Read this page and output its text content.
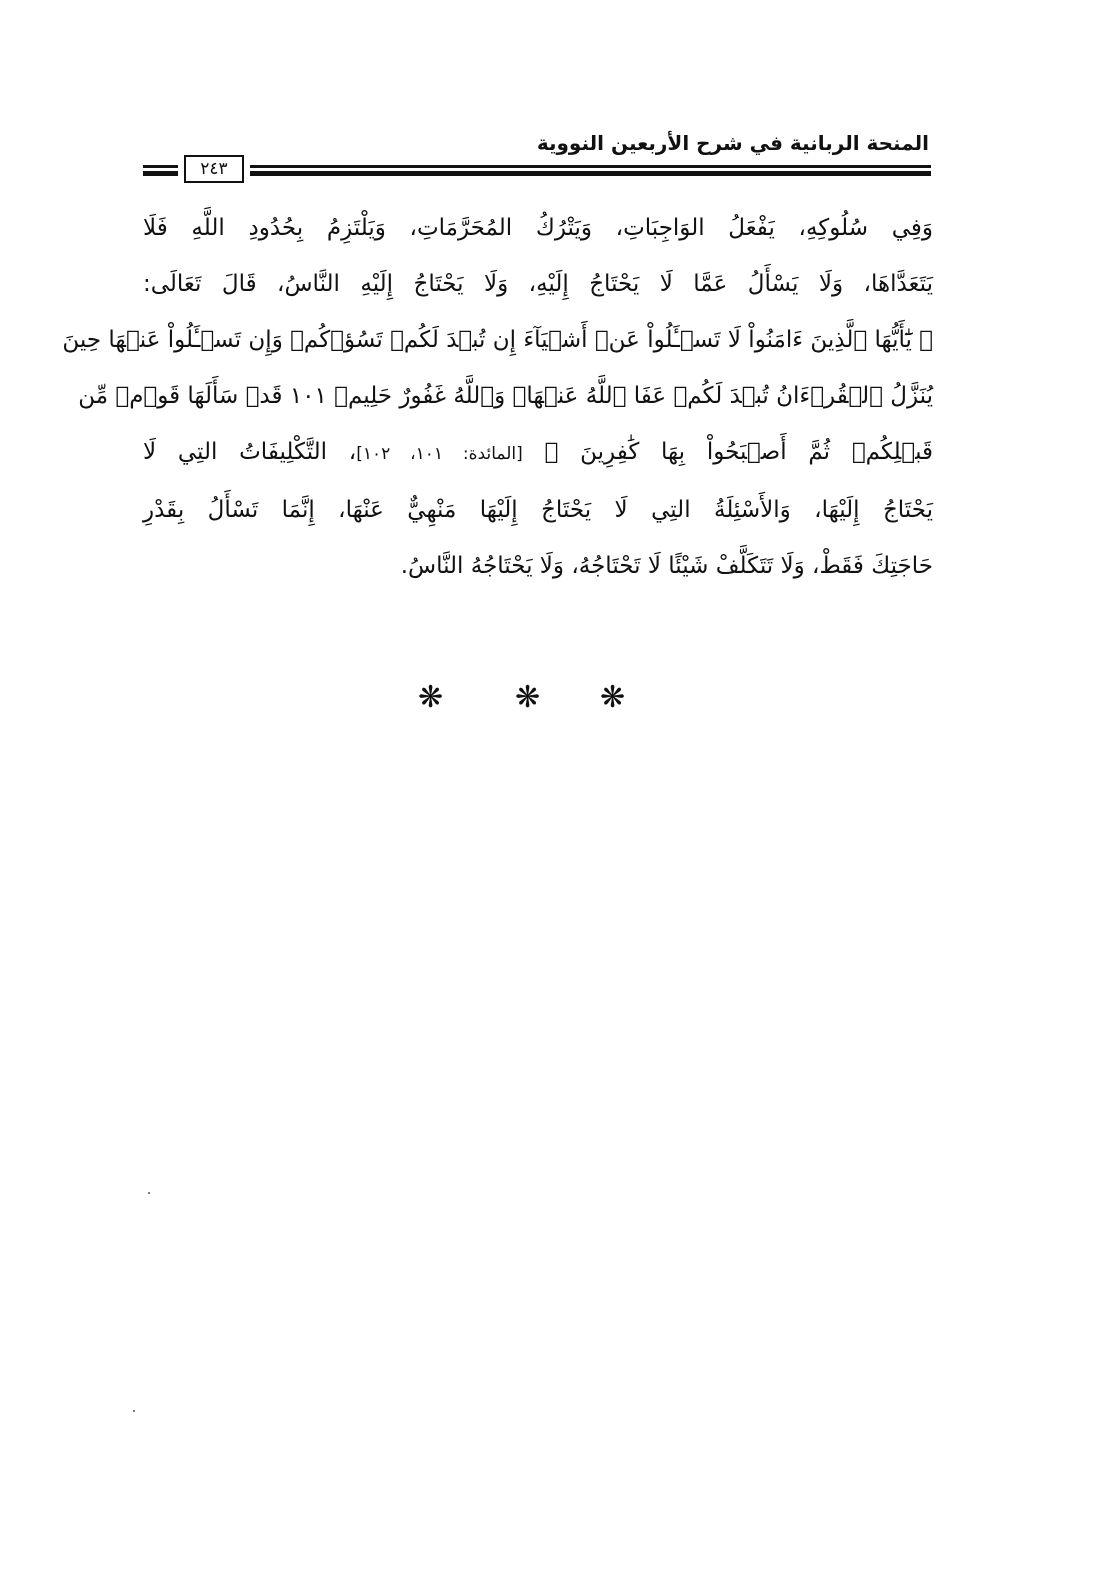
المنحة الربانية في شرح الأربعين النووية
٢٤٣
وَفِي سُلُوكِهِ، يَفْعَلُ الوَاجِبَاتِ، وَيَتْرُكُ المُحَرَّمَاتِ، وَيَلْتَزِمُ بِحُدُودِ اللَّهِ فَلَا
يَتَعَدَّاهَا، وَلَا يَسْأَلُ عَمَّا لَا يَحْتَاجُ إِلَيْهِ، وَلَا يَحْتَاجُ إِلَيْهِ النَّاسُ، قَالَ تَعَالَى:
﴿ يَٰٓأَيُّهَا ٱلَّذِينَ ءَامَنُواْ لَا تَسۡـَٔلُواْ عَنۡ أَشۡيَآءَ إِن تُبۡدَ لَكُمۡ تَسُؤۡكُمۡ وَإِن تَسۡـَٔلُواْ عَنۡهَا حِينَ
يُنَزَّلُ ٱلۡقُرۡءَانُ تُبۡدَ لَكُمۡ عَفَا ٱللَّهُ عَنۡهَاۗ وَٱللَّهُ غَفُورٌ حَلِيمٞ ١٠١ قَدۡ سَأَلَهَا قَوۡمٞ مِّن
قَبۡلِكُمۡ ثُمَّ أَصۡبَحُواْ بِهَا كَٰفِرِينَ ﴾ [المائدة: ١٠١، ١٠٢]، التَّكْلِيفَاتُ التِي لَا
يَحْتَاجُ إِلَيْهَا، وَالأَسْئِلَةُ التِي لَا يَحْتَاجُ إِلَيْهَا مَنْهِيٌّ عَنْهَا، إِنَّمَا تَسْأَلُ بِقَدْرِ
حَاجَتِكَ فَقَطْ، وَلَا تَتَكَلَّفْ شَيْئًا لَا تَحْتَاجُهُ، وَلَا يَحْتَاجُهُ النَّاسُ.
❋ ❋ ❋
